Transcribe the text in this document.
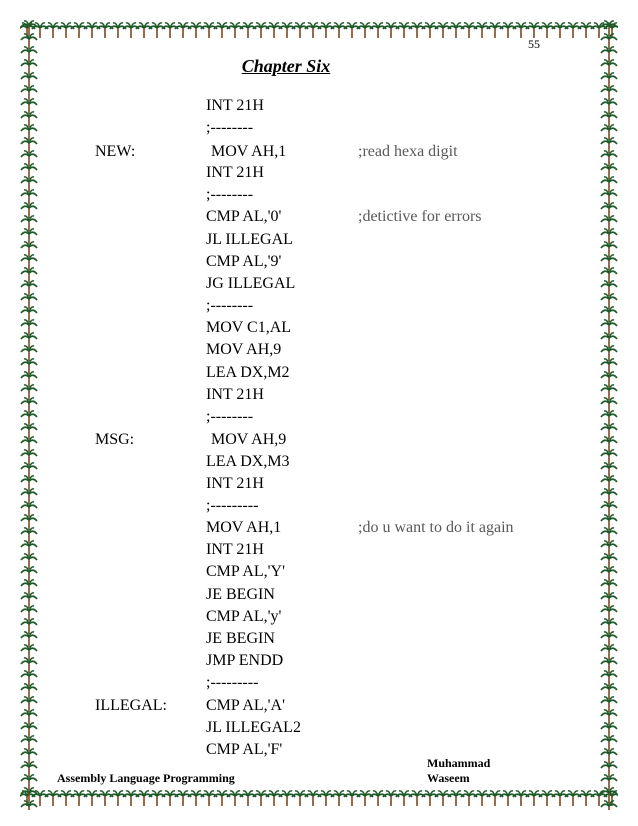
55
Chapter Six
INT 21H
;--------
NEW:	MOV AH,1	;read hexa digit
INT 21H
;--------
CMP AL,'0'	;detictive for errors
JL ILLEGAL
CMP AL,'9'
JG ILLEGAL
;--------
MOV C1,AL
MOV AH,9
LEA DX,M2
INT 21H
;--------
MSG:	MOV AH,9
LEA DX,M3
INT 21H
;---------
MOV AH,1	;do u want to do it again
INT 21H
CMP AL,'Y'
JE BEGIN
CMP AL,'y'
JE BEGIN
JMP ENDD
;---------
ILLEGAL: CMP AL,'A'
JL ILLEGAL2
CMP AL,'F'
Assembly Language Programming
Muhammad
Waseem
